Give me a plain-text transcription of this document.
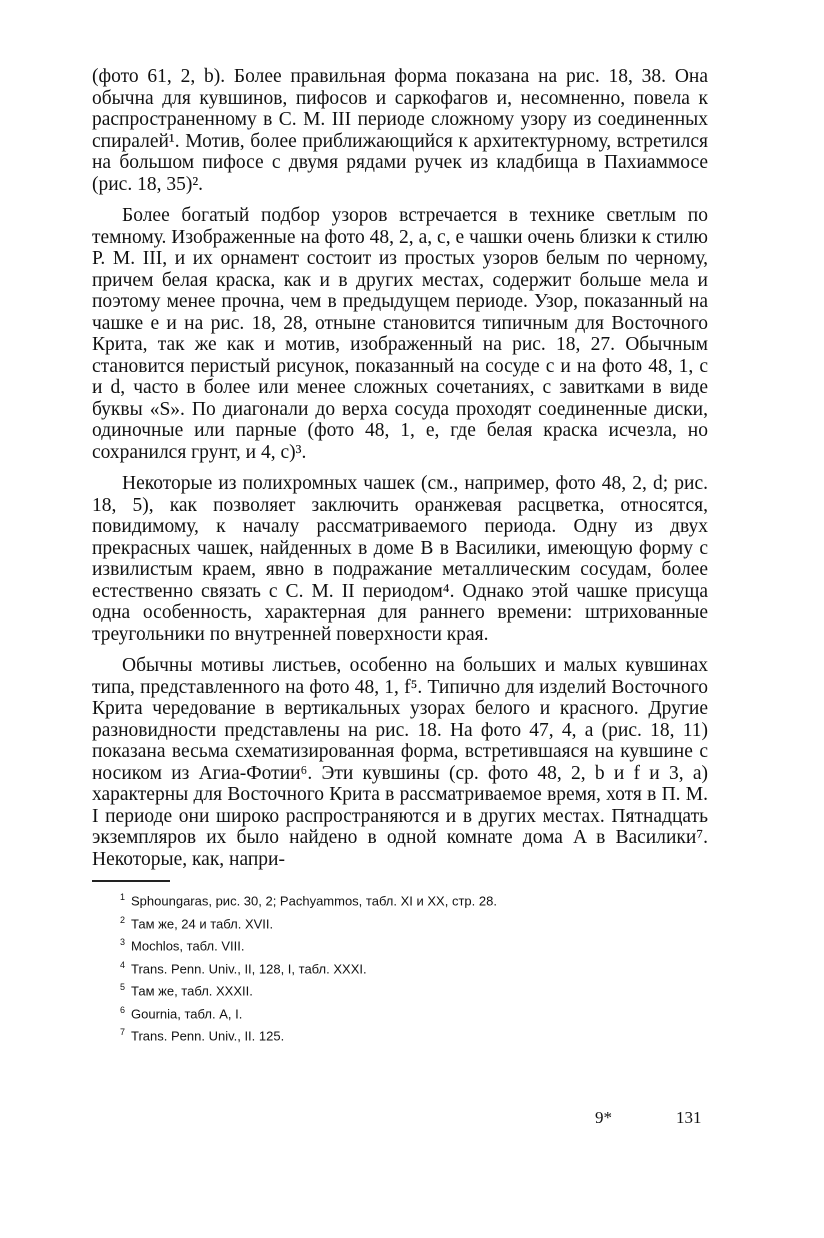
(фото 61, 2, b). Более правильная форма показана на рис. 18, 38. Она обычна для кувшинов, пифосов и саркофагов и, несомненно, повела к распространенному в С. М. III периоде сложному узору из соединенных спиралей¹. Мотив, более приближающийся к архитектурному, встретился на большом пифосе с двумя рядами ручек из кладбища в Пахиаммосе (рис. 18, 35)².

Более богатый подбор узоров встречается в технике светлым по темному. Изображенные на фото 48, 2, a, c, e чашки очень близки к стилю Р. М. III, и их орнамент состоит из простых узоров белым по черному, причем белая краска, как и в других местах, содержит больше мела и поэтому менее прочна, чем в предыдущем периоде. Узор, показанный на чашке e и на рис. 18, 28, отныне становится типичным для Восточного Крита, так же как и мотив, изображенный на рис. 18, 27. Обычным становится перистый рисунок, показанный на сосуде c и на фото 48, 1, c и d, часто в более или менее сложных сочетаниях, с завитками в виде буквы «S». По диагонали до верха сосуда проходят соединенные диски, одиночные или парные (фото 48, 1, e, где белая краска исчезла, но сохранился грунт, и 4, c)³.

Некоторые из полихромных чашек (см., например, фото 48, 2, d; рис. 18, 5), как позволяет заключить оранжевая расцветка, относятся, повидимому, к началу рассматриваемого периода. Одну из двух прекрасных чашек, найденных в доме B в Василики, имеющую форму с извилистым краем, явно в подражание металлическим сосудам, более естественно связать с С. М. II периодом⁴. Однако этой чашке присуща одна особенность, характерная для раннего времени: штрихованные треугольники по внутренней поверхности края.

Обычны мотивы листьев, особенно на больших и малых кувшинах типа, представленного на фото 48, 1, f⁵. Типично для изделий Восточного Крита чередование в вертикальных узорах белого и красного. Другие разновидности представлены на рис. 18. На фото 47, 4, a (рис. 18, 11) показана весьма схематизированная форма, встретившаяся на кувшине с носиком из Агиа-Фотии⁶. Эти кувшины (ср. фото 48, 2, b и f и 3, a) характерны для Восточного Крита в рассматриваемое время, хотя в П. М. I периоде они широко распространяются и в других местах. Пятнадцать экземпляров их было найдено в одной комнате дома A в Василики⁷. Некоторые, как, напри-

$^1$ Sphoungaras, рис. 30, 2; Pachyammos, табл. XI и XX, стр. 28.
$^2$ Там же, 24 и табл. XVII.
$^3$ Mochlos, табл. VIII.
$^4$ Trans. Penn. Univ., II, 128, I, табл. XXXI.
$^5$ Там же, табл. XXXII.
$^6$ Gournia, табл. A, I.
$^7$ Trans. Penn. Univ., II. 125.
9*	131
